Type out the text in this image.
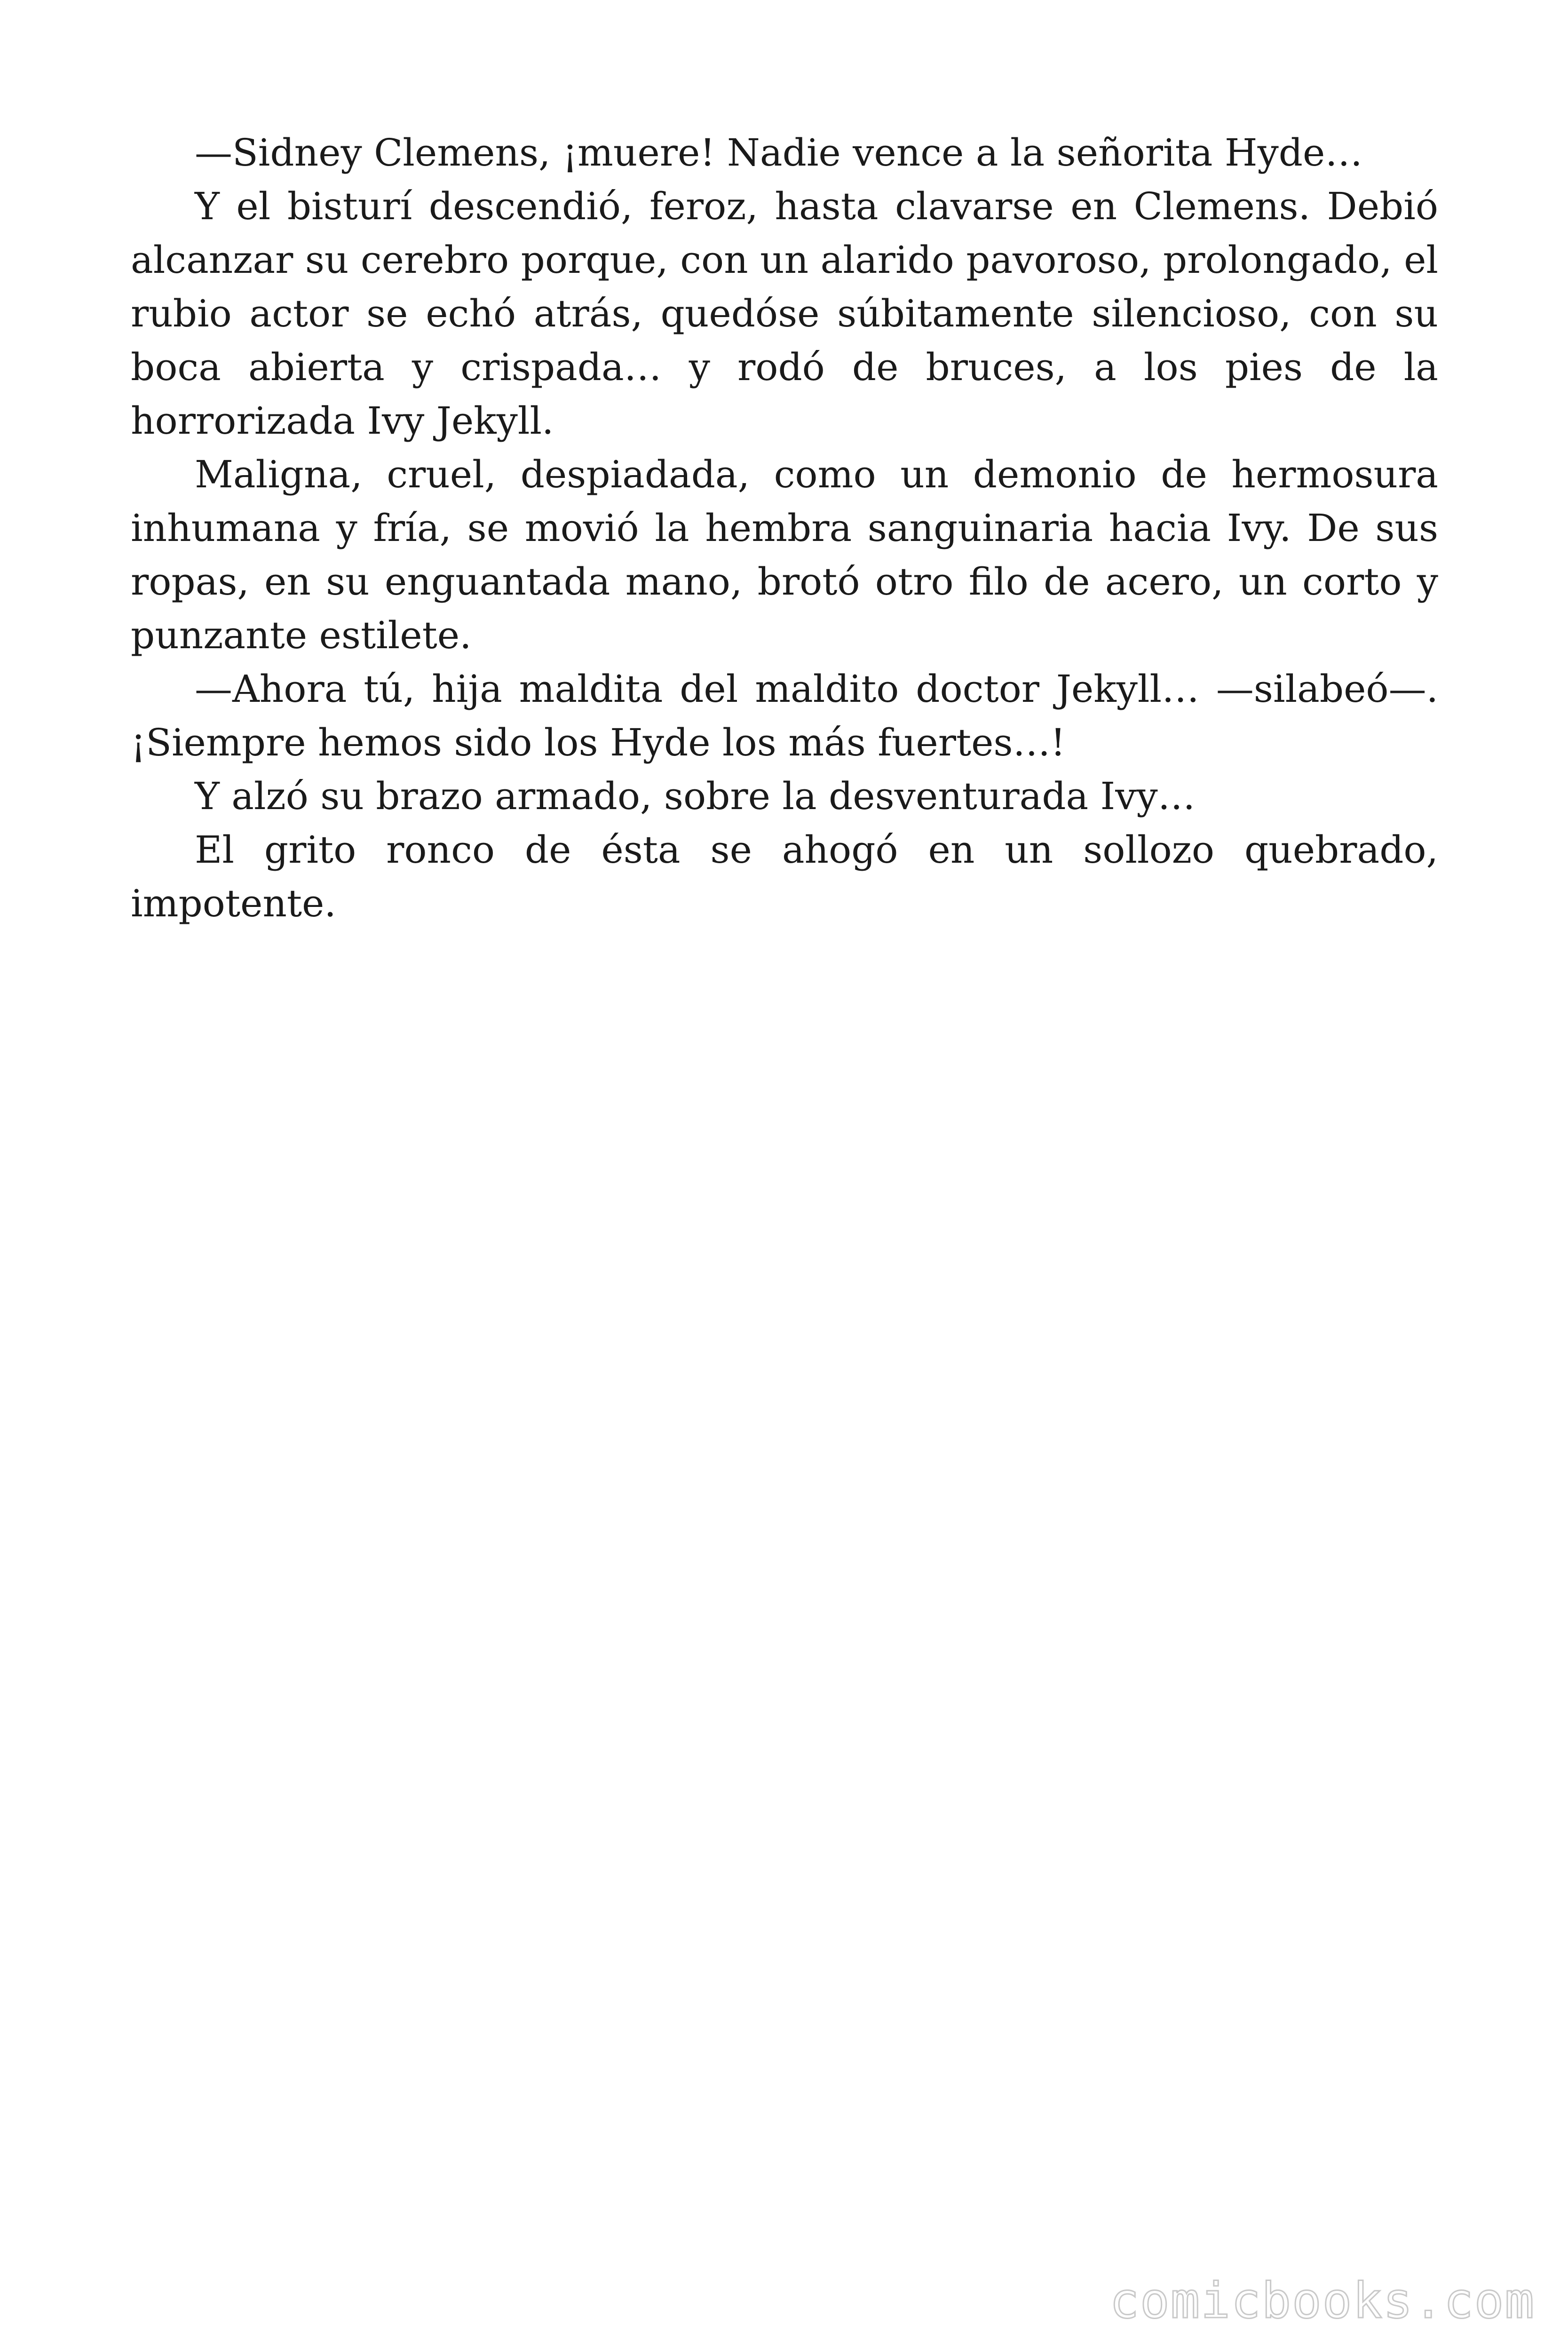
—Sidney Clemens, ¡muere! Nadie vence a la señorita Hyde…

Y el bisturí descendió, feroz, hasta clavarse en Clemens. Debió alcanzar su cerebro porque, con un alarido pavoroso, prolongado, el rubio actor se echó atrás, quedóse súbitamente silencioso, con su boca abierta y crispada… y rodó de bruces, a los pies de la horrorizada Ivy Jekyll.

Maligna, cruel, despiadada, como un demonio de hermosura inhumana y fría, se movió la hembra sanguinaria hacia Ivy. De sus ropas, en su enguantada mano, brotó otro filo de acero, un corto y punzante estilete.

—Ahora tú, hija maldita del maldito doctor Jekyll… —silabeó—. ¡Siempre hemos sido los Hyde los más fuertes…!

Y alzó su brazo armado, sobre la desventurada Ivy…

El grito ronco de ésta se ahogó en un sollozo quebrado, impotente.

comicbooks.com
